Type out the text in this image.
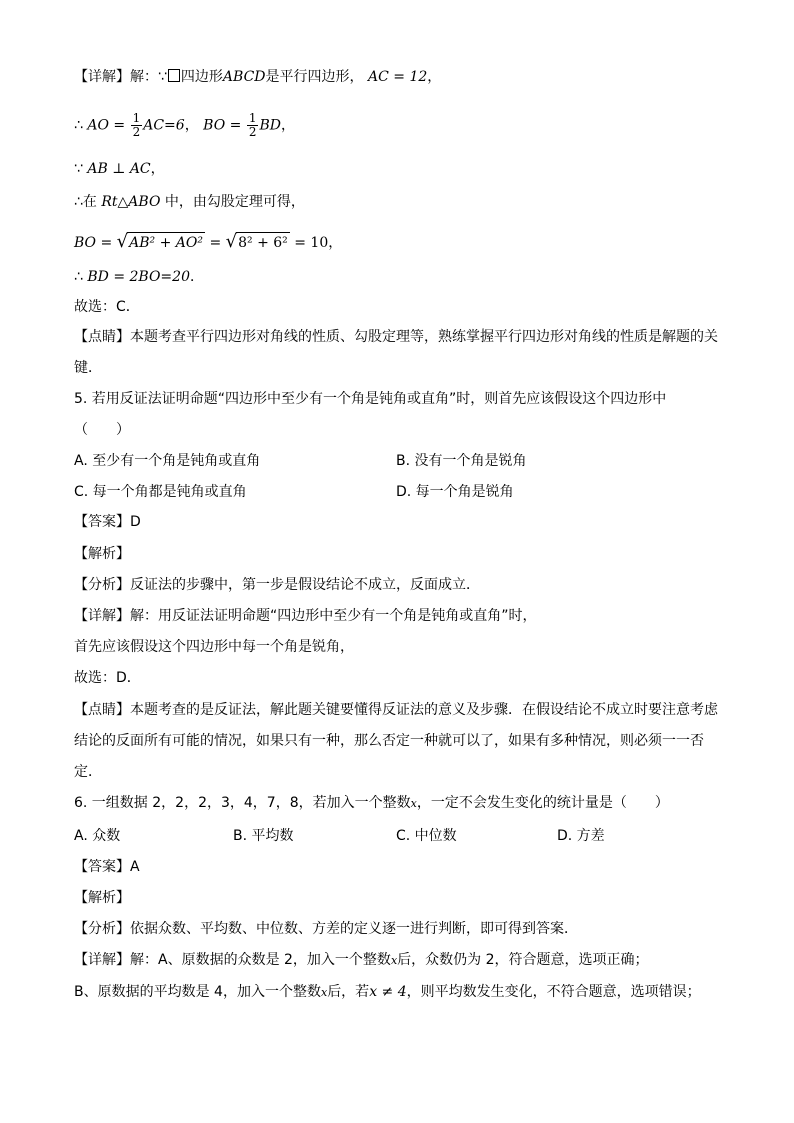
【详解】解：∵ 四边形ABCD是平行四边形， AC = 12，
∴ AO = $\frac{1}{2} AC=6$， BO = $\frac{1}{2}$ BD，
∵ AB ⊥ AC，
∴在 Rt△ABO 中，由勾股定理可得，
BO = √AB² + AO² = √8² + 6² = 10，
∴ BD = 2BO=20．
故选：C．
【点睛】本题考查平行四边形对角线的性质、勾股定理等，熟练掌握平行四边形对角线的性质是解题的关
键．
5. 若用反证法证明命题“四边形中至少有一个角是钝角或直角”时，则首先应该假设这个四边形中
（　　）
A. 至少有一个角是钝角或直角	B. 没有一个角是锐角
C. 每一个角都是钝角或直角	D. 每一个角是锐角
【答案】D
【解析】
【分析】反证法的步骤中，第一步是假设结论不成立，反面成立．
【详解】解：用反证法证明命题“四边形中至少有一个角是钝角或直角”时，
首先应该假设这个四边形中每一个角是锐角，
故选：D．
【点睛】本题考查的是反证法，解此题关键要懂得反证法的意义及步骤．在假设结论不成立时要注意考虑
结论的反面所有可能的情况，如果只有一种，那么否定一种就可以了，如果有多种情况，则必须一一否
定．
6. 一组数据 2，2，2，3，4，7，8，若加入一个整数x，一定不会发生变化的统计量是（　　）
A. 众数	B. 平均数	C. 中位数	D. 方差
【答案】A
【解析】
【分析】依据众数、平均数、中位数、方差的定义逐一进行判断，即可得到答案．
【详解】解：A、原数据的众数是 2，加入一个整数x后，众数仍为 2，符合题意，选项正确；
B、原数据的平均数是 4，加入一个整数x后，若x ≠ 4，则平均数发生变化，不符合题意，选项错误；
